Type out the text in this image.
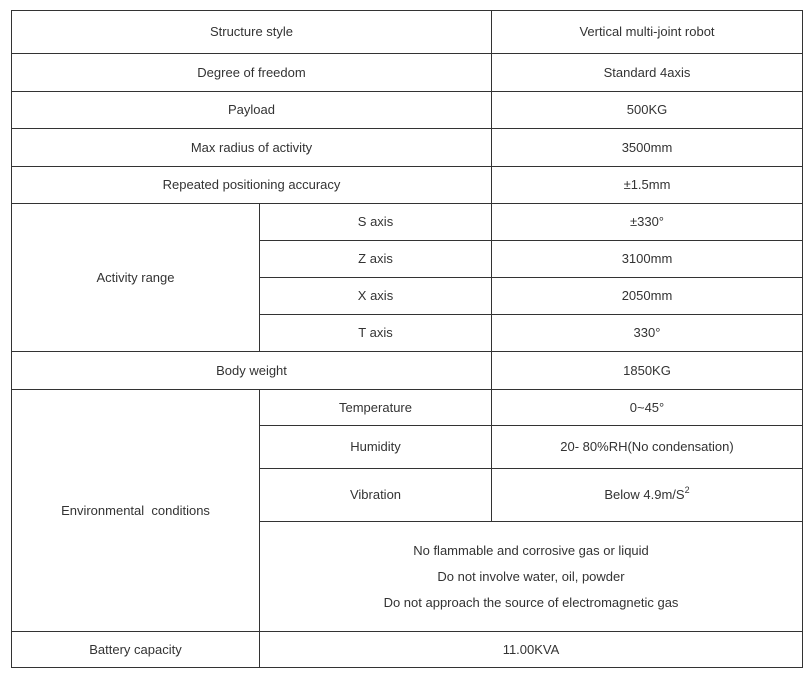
Structure style		Vertical multi-joint robot
Degree of freedom		Standard 4axis
Payload		500KG
Max radius of activity		3500mm
Repeated positioning accuracy		±1.5mm
Activity range	S axis	±330°
	Z axis	3100mm
	X axis	2050mm
	T axis	330°
Body weight		1850KG
Environmental  conditions	Temperature	0~45°
	Humidity	20- 80%RH(No condensation)
	Vibration	Below $4.9m/S^2$

	No flammable and corrosive gas or liquid
Do not involve water, oil, powder
Do not approach the source of electromagnetic gas	

Battery capacity	11.00KVA	
